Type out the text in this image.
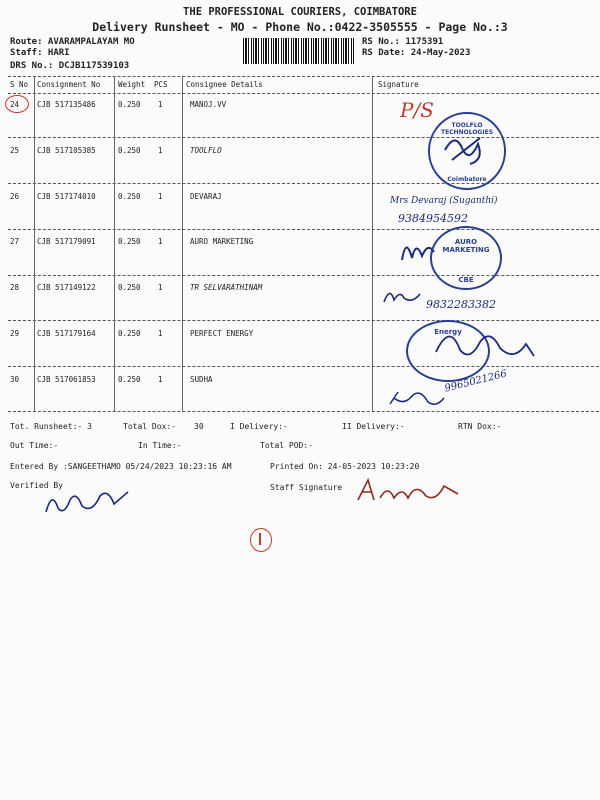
THE PROFESSIONAL COURIERS, COIMBATORE
Delivery Runsheet - MO - Phone No.:0422-3505555 - Page No.:3
Route: AVARAMPALAYAM MO
Staff: HARI
DRS No.: DCJB117539103
RS No.: 1175391
RS Date: 24-May-2023
S No Consignment No Weight PCS Consignee Details	Signature
24 CJB 517135486	0.250 1	MANOJ.VV
25 CJB 517105385	0.250 1	TOOLFLO
26 CJB 517174010	0.250 1	DEVARAJ
27 CJB 517179091	0.250 1	AURO MARKETING
28 CJB 517149122	0.250 1	TR SELVARATHINAM
29 CJB 517179164	0.250 1	PERFECT ENERGY
30 CJB 517061853	0.250 1	SUDHA
P/S
TOOLFLO TECHNOLOGIES
Coimbatore
Mrs Devaraj (Suganthi)
9384954592
AURO MARKETING
CBE
9832283382
Energy
9965021266
Tot. Runsheet:- 3	Total Dox:- 30	I Delivery:-	II Delivery:-	RTN Dox:-
Out Time:-	In Time:-	Total POD:-
Entered By :SANGEETHAMO 05/24/2023 10:23:16 AM	Printed On: 24-05-2023 10:23:20
Verified By	Staff Signature
